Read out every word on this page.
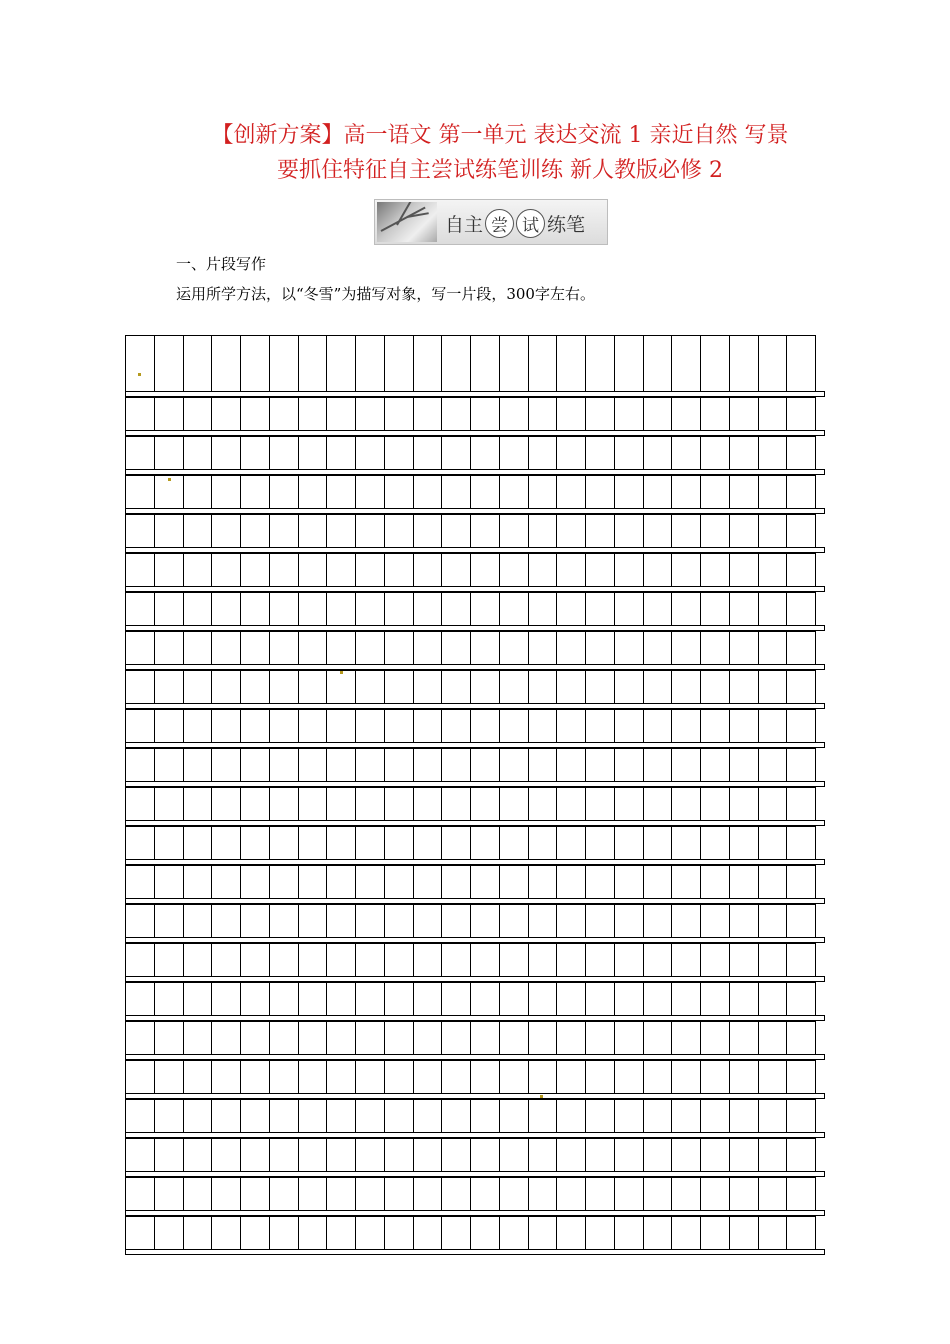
【创新方案】高一语文 第一单元 表达交流 1 亲近自然 写景
要抓住特征自主尝试练笔训练 新人教版必修 2
自主 尝 试 练笔
一、片段写作
运用所学方法，以“冬雪”为描写对象，写一片段，300字左右。
